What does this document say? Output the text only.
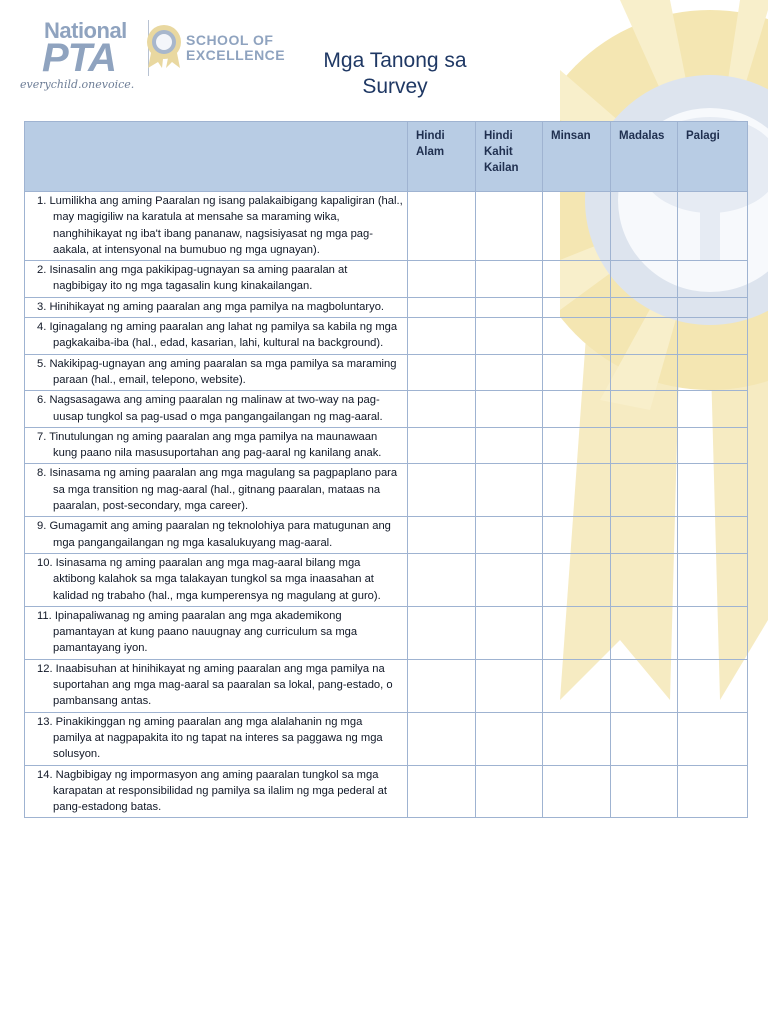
National
PTA
everychild.onevoice.
SCHOOL OF
EXCELLENCE	Mga Tanong sa
Survey
	Hindi Alam	Hindi Kahit Kailan	Minsan	Madalas	Palagi

1. Lumilikha ang aming Paaralan ng isang palakaibigang kapaligiran (hal., may magigiliw na karatula at mensahe sa maraming wika, nanghihikayat ng iba't ibang pananaw, nagsisiyasat ng mga pag-aakala, at intensyonal na bumubuo ng mga ugnayan).					

2. Isinasalin ang mga pakikipag-ugnayan sa aming paaralan at nagbibigay ito ng mga tagasalin kung kinakailangan.					

3. Hinihikayat ng aming paaralan ang mga pamilya na magboluntaryo.					

4. Iginagalang ng aming paaralan ang lahat ng pamilya sa kabila ng mga pagkakaiba-iba (hal., edad, kasarian, lahi, kultural na background).					

5. Nakikipag-ugnayan ang aming paaralan sa mga pamilya sa maraming paraan (hal., email, telepono, website).					

6. Nagsasagawa ang aming paaralan ng malinaw at two-way na pag-uusap tungkol sa pag-usad o mga pangangailangan ng mag-aaral.					

7. Tinutulungan ng aming paaralan ang mga pamilya na maunawaan kung paano nila masusuportahan ang pag-aaral ng kanilang anak.					

8. Isinasama ng aming paaralan ang mga magulang sa pagpaplano para sa mga transition ng mag-aaral (hal., gitnang paaralan, mataas na paaralan, post-secondary, mga career).					

9. Gumagamit ang aming paaralan ng teknolohiya para matugunan ang mga pangangailangan ng mga kasalukuyang mag-aaral.					

10. Isinasama ng aming paaralan ang mga mag-aaral bilang mga aktibong kalahok sa mga talakayan tungkol sa mga inaasahan at kalidad ng trabaho (hal., mga kumperensya ng magulang at guro).					

11. Ipinapaliwanag ng aming paaralan ang mga akademikong pamantayan at kung paano nauugnay ang curriculum sa mga pamantayang iyon.					

12. Inaabisuhan at hinihikayat ng aming paaralan ang mga pamilya na suportahan ang mga mag-aaral sa paaralan sa lokal, pang-estado, o pambansang antas.					

13. Pinakikinggan ng aming paaralan ang mga alalahanin ng mga pamilya at nagpapakita ito ng tapat na interes sa paggawa ng mga solusyon.					

14. Nagbibigay ng impormasyon ang aming paaralan tungkol sa mga karapatan at responsibilidad ng pamilya sa ilalim ng mga pederal at pang-estadong batas.					
